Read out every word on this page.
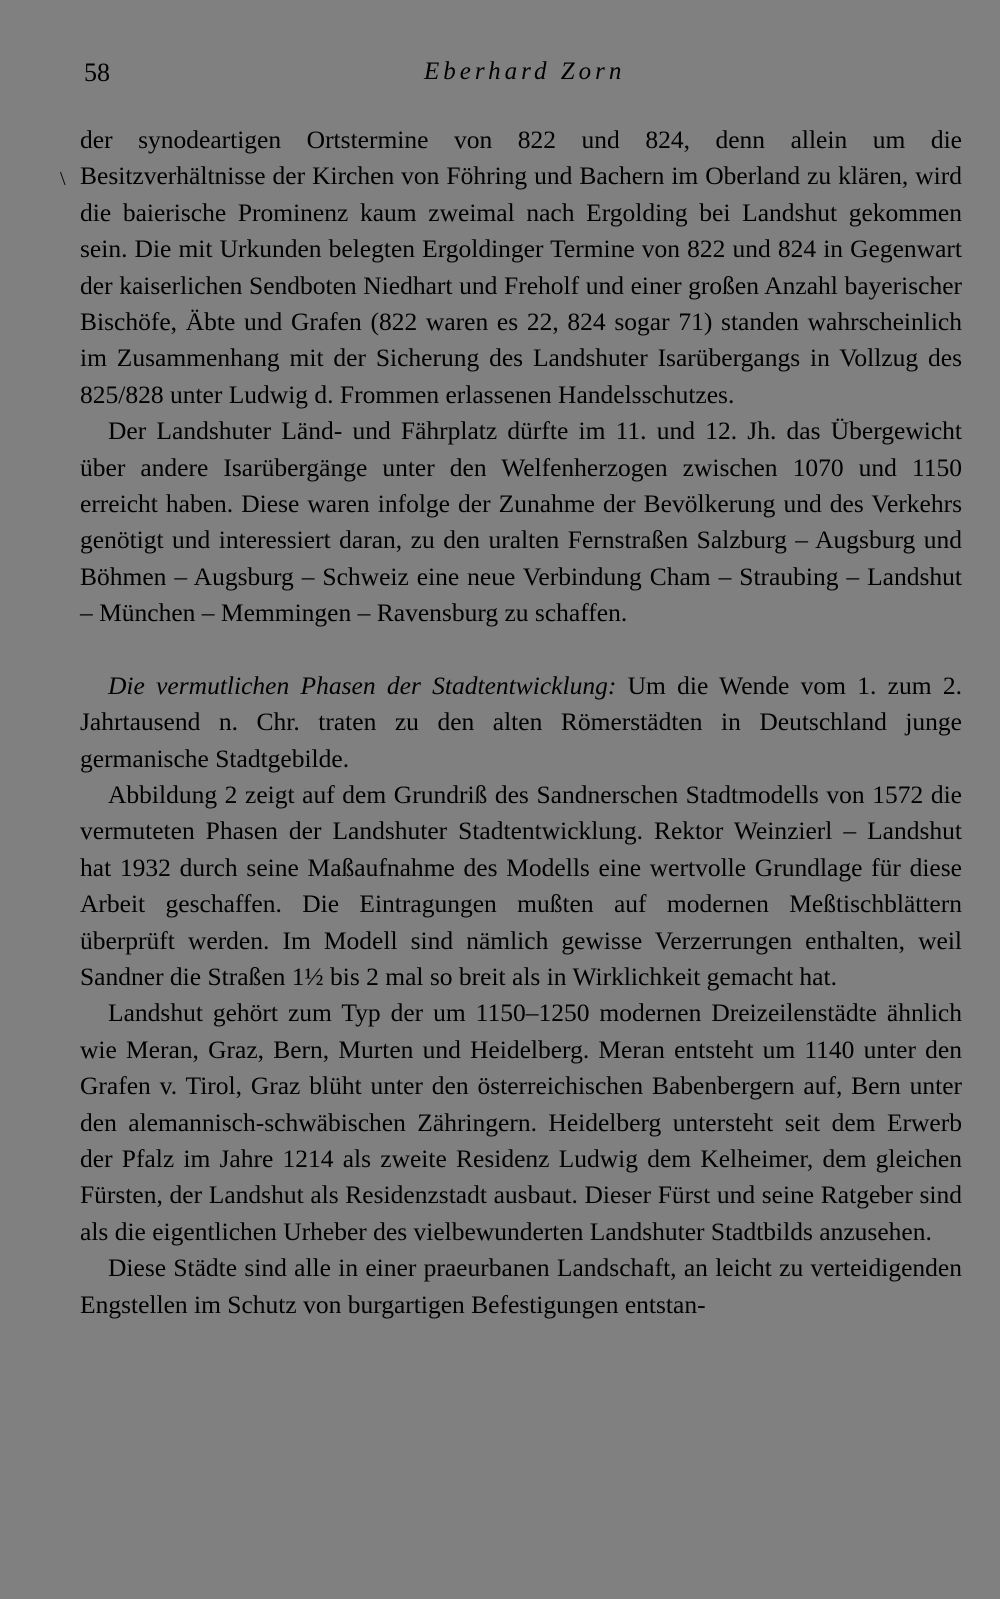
58	Eberhard Zorn
\

der synodeartigen Ortstermine von 822 und 824, denn allein um die Besitzverhältnisse der Kirchen von Föhring und Bachern im Oberland zu klären, wird die baierische Prominenz kaum zweimal nach Ergolding bei Landshut gekommen sein. Die mit Urkunden belegten Ergoldinger Termine von 822 und 824 in Gegenwart der kaiserlichen Sendboten Niedhart und Freholf und einer großen Anzahl bayerischer Bischöfe, Äbte und Grafen (822 waren es 22, 824 sogar 71) standen wahrscheinlich im Zusammenhang mit der Sicherung des Landshuter Isarübergangs in Vollzug des 825/828 unter Ludwig d. Frommen erlassenen Handelsschutzes.

Der Landshuter Länd- und Fährplatz dürfte im 11. und 12. Jh. das Übergewicht über andere Isarübergänge unter den Welfenherzogen zwischen 1070 und 1150 erreicht haben. Diese waren infolge der Zunahme der Bevölkerung und des Verkehrs genötigt und interessiert daran, zu den uralten Fernstraßen Salzburg – Augsburg und Böhmen – Augsburg – Schweiz eine neue Verbindung Cham – Straubing – Landshut – München – Memmingen – Ravensburg zu schaffen.

Die vermutlichen Phasen der Stadtentwicklung: Um die Wende vom 1. zum 2. Jahrtausend n. Chr. traten zu den alten Römerstädten in Deutschland junge germanische Stadtgebilde.

Abbildung 2 zeigt auf dem Grundriß des Sandnerschen Stadtmodells von 1572 die vermuteten Phasen der Landshuter Stadtentwicklung. Rektor Weinzierl – Landshut hat 1932 durch seine Maßaufnahme des Modells eine wertvolle Grundlage für diese Arbeit geschaffen. Die Eintragungen mußten auf modernen Meßtischblättern überprüft werden. Im Modell sind nämlich gewisse Verzerrungen enthalten, weil Sandner die Straßen 1½ bis 2 mal so breit als in Wirklichkeit gemacht hat.

Landshut gehört zum Typ der um 1150–1250 modernen Dreizeilenstädte ähnlich wie Meran, Graz, Bern, Murten und Heidelberg. Meran entsteht um 1140 unter den Grafen v. Tirol, Graz blüht unter den österreichischen Babenbergern auf, Bern unter den alemannisch-schwäbischen Zähringern. Heidelberg untersteht seit dem Erwerb der Pfalz im Jahre 1214 als zweite Residenz Ludwig dem Kelheimer, dem gleichen Fürsten, der Landshut als Residenzstadt ausbaut. Dieser Fürst und seine Ratgeber sind als die eigentlichen Urheber des vielbewunderten Landshuter Stadtbilds anzusehen.

Diese Städte sind alle in einer praeurbanen Landschaft, an leicht zu verteidigenden Engstellen im Schutz von burgartigen Befestigungen entstan-
